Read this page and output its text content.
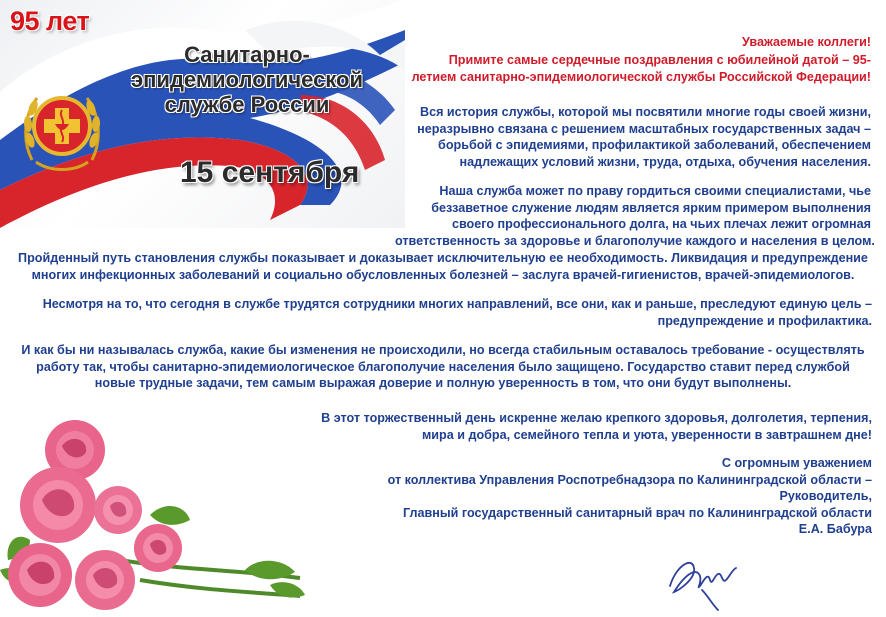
95 лет
Санитарно-
эпидемиологической
службе России
15 сентября
Уважаемые коллеги!
Примите самые сердечные поздравления с юбилейной датой – 95-
летием санитарно-эпидемиологической службы Российской Федерации!
Вся история службы, которой мы посвятили многие годы своей жизни,
неразрывно связана с решением масштабных государственных задач –
борьбой с эпидемиями, профилактикой заболеваний, обеспечением
надлежащих условий жизни, труда, отдыха, обучения населения.
Наша служба может по праву гордиться своими специалистами, чье
беззаветное служение людям является ярким примером выполнения
своего профессионального долга, на чьих плечах лежит огромная
ответственность за здоровье и благополучие каждого и населения в целом.
Пройденный путь становления службы показывает и доказывает исключительную ее необходимость. Ликвидация и предупреждение
многих инфекционных заболеваний и социально обусловленных болезней – заслуга врачей-гигиенистов, врачей-эпидемиологов.
Несмотря на то, что сегодня в службе трудятся сотрудники многих направлений, все они, как и раньше, преследуют единую цель –
предупреждение и профилактика.
И как бы ни называлась служба, какие бы изменения не происходили, но всегда стабильным оставалось требование - осуществлять
работу так, чтобы санитарно-эпидемиологическое благополучие населения было защищено. Государство ставит перед службой
новые трудные задачи, тем самым выражая доверие и полную уверенность в том, что они будут выполнены.
В этот торжественный день искренне желаю крепкого здоровья, долголетия, терпения,
мира и добра, семейного тепла и уюта, уверенности в завтрашнем дне!
С огромным уважением
от коллектива Управления Роспотребнадзора по Калининградской области –
Руководитель,
Главный государственный санитарный врач по Калининградской области
Е.А. Бабура
